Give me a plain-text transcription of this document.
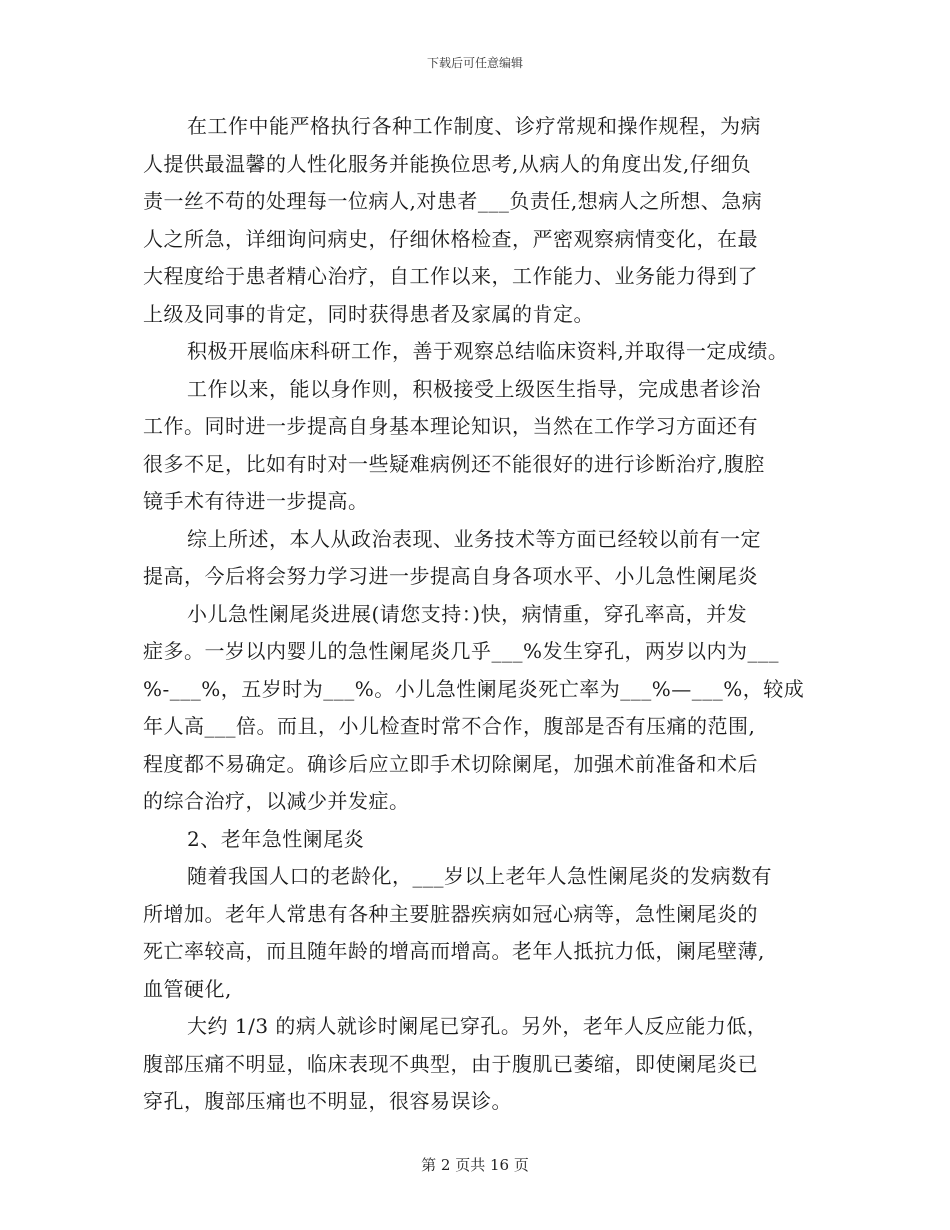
下载后可任意编辑
在工作中能严格执行各种工作制度、诊疗常规和操作规程，为病
人提供最温馨的人性化服务并能换位思考,从病人的角度出发,仔细负
责一丝不苟的处理每一位病人,对患者___负责任,想病人之所想、急病
人之所急，详细询问病史，仔细休格检查，严密观察病情变化，在最
大程度给于患者精心治疗，自工作以来，工作能力、业务能力得到了
上级及同事的肯定，同时获得患者及家属的肯定。
积极开展临床科研工作，善于观察总结临床资料,并取得一定成绩。
工作以来，能以身作则，积极接受上级医生指导，完成患者诊治
工作。同时进一步提高自身基本理论知识，当然在工作学习方面还有
很多不足，比如有时对一些疑难病例还不能很好的进行诊断治疗,腹腔
镜手术有待进一步提高。
综上所述，本人从政治表现、业务技术等方面已经较以前有一定
提高，今后将会努力学习进一步提高自身各项水平、小儿急性阑尾炎
小儿急性阑尾炎进展(请您支持：)快，病情重，穿孔率高，并发
症多。一岁以内婴儿的急性阑尾炎几乎___%发生穿孔，两岁以内为___
%-___%，五岁时为___%。小儿急性阑尾炎死亡率为___%—___%，较成
年人高___倍。而且，小儿检查时常不合作，腹部是否有压痛的范围,
程度都不易确定。确诊后应立即手术切除阑尾，加强术前准备和术后
的综合治疗，以减少并发症。
2、老年急性阑尾炎
随着我国人口的老龄化，___岁以上老年人急性阑尾炎的发病数有
所增加。老年人常患有各种主要脏器疾病如冠心病等，急性阑尾炎的
死亡率较高，而且随年龄的增高而增高。老年人抵抗力低，阑尾壁薄,
血管硬化,
大约 1/3 的病人就诊时阑尾已穿孔。另外，老年人反应能力低，
腹部压痛不明显，临床表现不典型，由于腹肌已萎缩，即使阑尾炎已
穿孔，腹部压痛也不明显，很容易误诊。
第 2 页共 16 页
